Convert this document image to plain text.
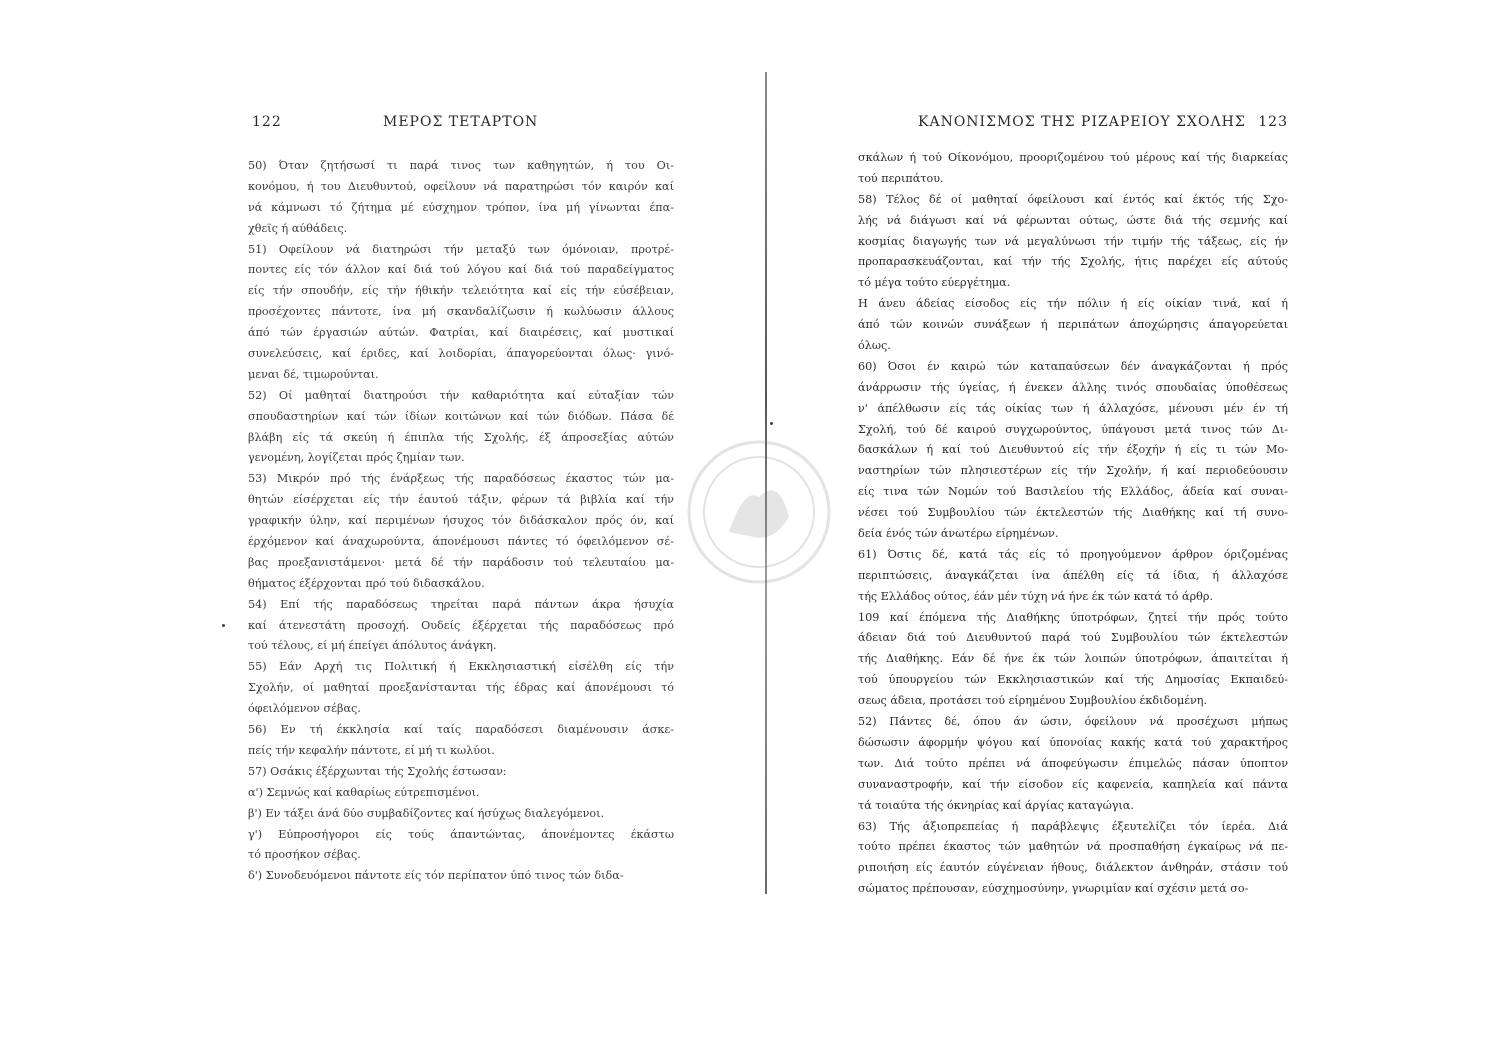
122	ΜΕΡΟΣ ΤΕΤΑΡΤΟΝ
50) Όταν ζητήσωσί τι παρά τινος των καθηγητών, ή του Οι-
κονόμου, ή του Διευθυντού, οφείλουν νά παρατηρώσι τόν καιρόν καί
νά κάμνωσι τό ζήτημα μέ εύσχημον τρόπον, ίνα μή γίνωνται έπα-
χθεϊς ή αύθάδεις.
51) Οφείλουν νά διατηρώσι τήν μεταξύ των όμόνοιαν, προτρέ-
ποντες είς τόν άλλον καί διά τού λόγου καί διά τού παραδείγματος
είς τήν σπουδήν, είς τήν ήθικήν τελειότητα καί είς τήν εύσέβειαν,
προσέχοντες πάντοτε, ίνα μή σκανδαλίζωσιν ή κωλύωσιν άλλους
άπό τών έργασιών αύτών. Φατρίαι, καί διαιρέσεις, καί μυστικαί
συνελεύσεις, καί έριδες, καί λοιδορίαι, άπαγορεύονται όλως· γινό-
μεναι δέ, τιμωρούνται.
52) Οί μαθηταί διατηρούσι τήν καθαριότητα καί εύταξίαν τών
σπουδαστηρίων καί τών ίδίων κοιτώνων καί τών διόδων. Πάσα δέ
βλάβη είς τά σκεύη ή έπιπλα τής Σχολής, έξ άπροσεξίας αύτών
γενομένη, λογίζεται πρός ζημίαν των.
53) Μικρόν πρό τής ένάρξεως τής παραδόσεως έκαστος τών μα-
θητών είσέρχεται είς τήν έαυτού τάξιν, φέρων τά βιβλία καί τήν
γραφικήν ύλην, καί περιμένων ήσυχος τόν διδάσκαλον πρός όν, καί
έρχόμενον καί άναχωρούντα, άπονέμουσι πάντες τό όφειλόμενον σέ-
βας προεξανιστάμενοι· μετά δέ τήν παράδοσιν τού τελευταίου μα-
θήματος έξέρχονται πρό τού διδασκάλου.
54) Επί τής παραδόσεως τηρείται παρά πάντων άκρα ήσυχία
καί άτενεστάτη προσοχή. Ουδείς έξέρχεται τής παραδόσεως πρό
τού τέλους, εί μή έπείγει άπόλυτος άνάγκη.
55) Εάν Αρχή τις Πολιτική ή Εκκλησιαστική είσέλθη είς τήν
Σχολήν, οί μαθηταί προεξανίστανται τής έδρας καί άπονέμουσι τό
όφειλόμενον σέβας.
56) Εν τή έκκλησία καί ταίς παραδόσεσι διαμένουσιν άσκε-
πείς τήν κεφαλήν πάντοτε, εί μή τι κωλύοι.
57) Οσάκις έξέρχωνται τής Σχολής έστωσαν:
α') Σεμνώς καί καθαρίως εύτρεπισμένοι.
β') Εν τάξει άνά δύο συμβαδίζοντες καί ήσύχως διαλεγόμενοι.
γ') Εύπροσήγοροι είς τούς άπαντώντας, άπονέμοντες έκάστω
τό προσήκον σέβας.
δ') Συνοδευόμενοι πάντοτε είς τόν περίπατον ύπό τινος τών διδα-
ΚΑΝΟΝΙΣΜΟΣ ΤΗΣ ΡΙΖΑΡΕΙΟΥ ΣΧΟΛΗΣ 123
σκάλων ή τού Οίκονόμου, προοριζομένου τού μέρους καί τής διαρκείας
τού περιπάτου.
58) Τέλος δέ οί μαθηταί όφείλουσι καί έντός καί έκτός τής Σχο-
λής νά διάγωσι καί νά φέρωνται ούτως, ώστε διά τής σεμνής καί
κοσμίας διαγωγής των νά μεγαλύνωσι τήν τιμήν τής τάξεως, είς ήν
προπαρασκευάζονται, καί τήν τής Σχολής, ήτις παρέχει είς αύτούς
τό μέγα τούτο εύεργέτημα.
Η άνευ άδείας είσοδος είς τήν πόλιν ή είς οίκίαν τινά, καί ή
άπό τών κοινών συνάξεων ή περιπάτων άποχώρησις άπαγορεύεται
όλως.
60) Όσοι έν καιρώ τών καταπαύσεων δέν άναγκάζονται ή πρός
άνάρρωσιν τής ύγείας, ή ένεκεν άλλης τινός σπουδαίας ύποθέσεως
ν' άπέλθωσιν είς τάς οίκίας των ή άλλαχόσε, μένουσι μέν έν τή
Σχολή, τού δέ καιρού συγχωρούντος, ύπάγουσι μετά τινος τών Δι-
δασκάλων ή καί τού Διευθυντού είς τήν έξοχήν ή είς τι τών Μο-
ναστηρίων τών πλησιεστέρων είς τήν Σχολήν, ή καί περιοδεύουσιν
είς τινα τών Νομών τού Βασιλείου τής Ελλάδος, άδεία καί συναι-
νέσει τού Συμβουλίου τών έκτελεστών τής Διαθήκης καί τή συνο-
δεία ένός τών άνωτέρω είρημένων.
61) Όστις δέ, κατά τάς είς τό προηγούμενον άρθρον όριζομένας
περιπτώσεις, άναγκάζεται ίνα άπέλθη είς τά ίδια, ή άλλαχόσε
τής Ελλάδος ούτος, έάν μέν τύχη νά ήνε έκ τών κατά τό άρθρ.
109 καί έπόμενα τής Διαθήκης ύποτρόφων, ζητεί τήν πρός τούτο
άδειαν διά τού Διευθυντού παρά τού Συμβουλίου τών έκτελεστών
τής Διαθήκης. Εάν δέ ήνε έκ τών λοιπών ύποτρόφων, άπαιτείται ή
τού ύπουργείου τών Εκκλησιαστικών καί τής Δημοσίας Εκπαιδεύ-
σεως άδεια, προτάσει τού είρημένου Συμβουλίου έκδιδομένη.
52) Πάντες δέ, όπου άν ώσιν, όφείλουν νά προσέχωσι μήπως
δώσωσιν άφορμήν ψόγου καί ύπονοίας κακής κατά τού χαρακτήρος
των. Διά τούτο πρέπει νά άποφεύγωσιν έπιμελώς πάσαν ύποπτον
συναναστροφήν, καί τήν είσοδον είς καφενεία, καπηλεία καί πάντα
τά τοιαύτα τής όκνηρίας καί άργίας καταγώγια.
63) Τής άξιοπρεπείας ή παράβλεψις έξευτελίζει τόν ίερέα. Διά
τούτο πρέπει έκαστος τών μαθητών νά προσπαθήση έγκαίρως νά πε-
ριποιήση είς έαυτόν εύγένειαν ήθους, διάλεκτον άνθηράν, στάσιν τού
σώματος πρέπουσαν, εύσχημοσύνην, γνωριμίαν καί σχέσιν μετά σο-
